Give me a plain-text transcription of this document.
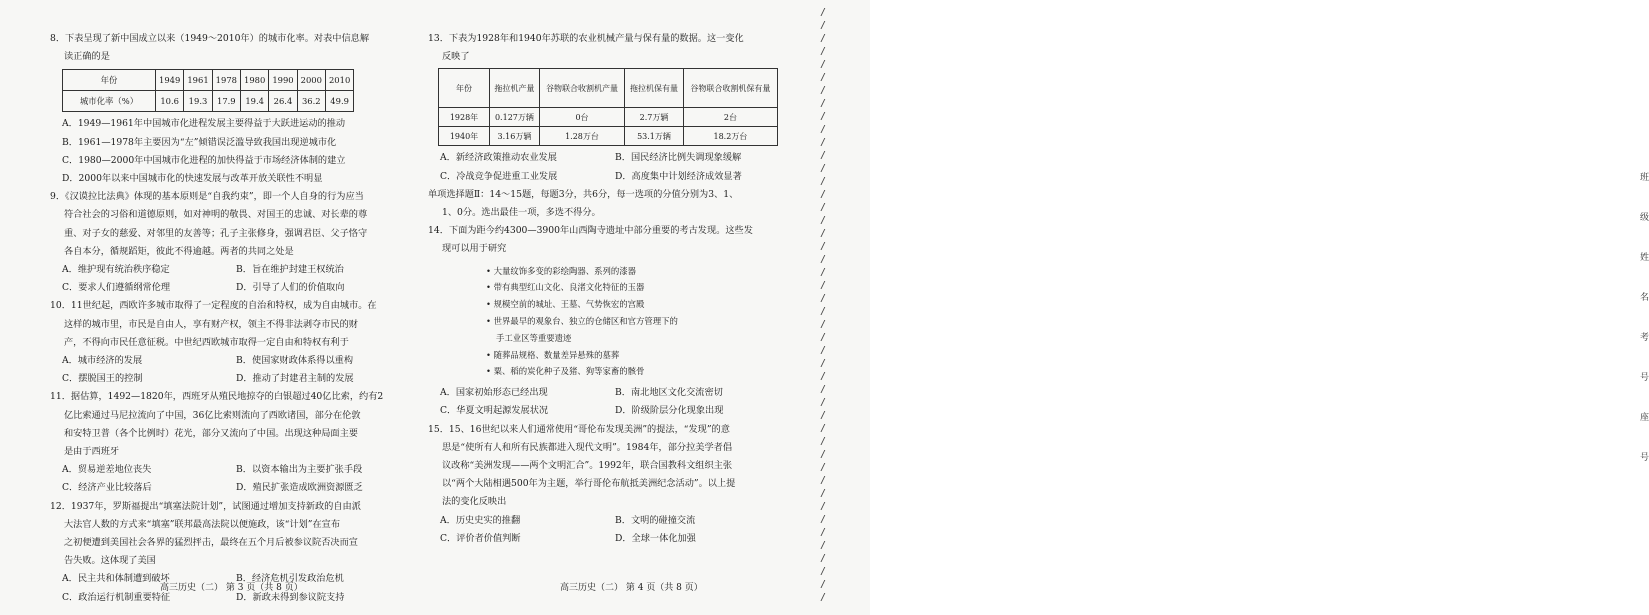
8．下表呈现了新中国成立以来（1949～2010年）的城市化率。对表中信息解
读正确的是
年份	1949	1961	1978	1980	1990	2000	2010
城市化率（%）	10.6	19.3	17.9	19.4	26.4	36.2	49.9
A．1949—1961年中国城市化进程发展主要得益于大跃进运动的推动
B．1961—1978年主要因为“左”倾错误泛滥导致我国出现逆城市化
C．1980—2000年中国城市化进程的加快得益于市场经济体制的建立
D．2000年以来中国城市化的快速发展与改革开放关联性不明显
9．《汉谟拉比法典》体现的基本原则是“自我约束”，即一个人自身的行为应当
符合社会的习俗和道德原则，如对神明的敬畏、对国王的忠诚、对长辈的尊
重、对子女的慈爱、对邻里的友善等；孔子主张修身，强调君臣、父子恪守
各自本分，循规蹈矩，彼此不得逾越。两者的共同之处是
A．维护现有统治秩序稳定	B．旨在维护封建王权统治
C．要求人们遵循纲常伦理	D．引导了人们的价值取向
10．11世纪起，西欧许多城市取得了一定程度的自治和特权，成为自由城市。在
这样的城市里，市民是自由人，享有财产权，领主不得非法剥夺市民的财
产，不得向市民任意征税。中世纪西欧城市取得一定自由和特权有利于
A．城市经济的发展	B．使国家财政体系得以重构
C．摆脱国王的控制	D．推动了封建君主制的发展
11．据估算，1492—1820年，西班牙从殖民地掠夺的白银超过40亿比索，约有2
亿比索通过马尼拉流向了中国，36亿比索则流向了西欧诸国，部分在伦敦
和安特卫普（各个比例时）花光，部分又流向了中国。出现这种局面主要
是由于西班牙
A．贸易逆差地位丧失	B．以资本输出为主要扩张手段
C．经济产业比较落后	D．殖民扩张造成欧洲资源匮乏
12．1937年，罗斯福提出“填塞法院计划”，试图通过增加支持新政的自由派
大法官人数的方式来“填塞”联邦最高法院以便施政，该“计划”在宣布
之初便遭到美国社会各界的猛烈抨击，最终在五个月后被参议院否决而宣
告失败。这体现了美国
A．民主共和体制遭到破坏	B．经济危机引发政治危机
C．政治运行机制重要特征	D．新政未得到参议院支持
高三历史（二） 第 3 页（共 8 页）
13．下表为1928年和1940年苏联的农业机械产量与保有量的数据。这一变化
反映了
年份	拖拉机产量	谷物联合收割机产量	拖拉机保有量	谷物联合收割机保有量
1928年	0.127万辆	0台	2.7万辆	2台
1940年	3.16万辆	1.28万台	53.1万辆	18.2万台
A．新经济政策推动农业发展	B．国民经济比例失调现象缓解
C．冷战竞争促进重工业发展	D．高度集中计划经济成效显著
单项选择题Ⅱ：14～15题，每题3分，共6分，每一选项的分值分别为3、1、
1、0分。选出最佳一项，多选不得分。
14．下面为距今约4300—3900年山西陶寺遗址中部分重要的考古发现。这些发
现可以用于研究
• 大量纹饰多变的彩绘陶器、系列的漆器
• 带有典型红山文化、良渚文化特征的玉器
• 规模空前的城址、王墓、气势恢宏的宫殿
• 世界最早的观象台、独立的仓储区和官方管理下的
手工业区等重要遗迹
• 随葬品规格、数量差异悬殊的墓葬
• 粟、稻的炭化种子及猪、狗等家畜的骸骨
A．国家初始形态已经出现	B．南北地区文化交流密切
C．华夏文明起源发展状况	D．阶级阶层分化现象出现
15．15、16世纪以来人们通常使用“哥伦布发现美洲”的提法，“发现”的意
思是“使所有人和所有民族都进入现代文明”。1984年，部分拉美学者倡
议改称“美洲发现——两个文明汇合”。1992年，联合国教科文组织主张
以“两个大陆相遇500年为主题，举行哥伦布航抵美洲纪念活动”。以上提
法的变化反映出
A．历史史实的推翻	B．文明的碰撞交流
C．评价者价值判断	D．全球一体化加强
高三历史（二） 第 4 页（共 8 页）
/
/
/
/
/
/
/
/
/
/
/
/
/
/
/
/
/
/
/
/
/
/
/
/
/
/
/
/
/
/
/
/
/
/
/
/
/
/
/
/
/
/
/
/
/
/
班
级
姓
名
考
号
座
号
